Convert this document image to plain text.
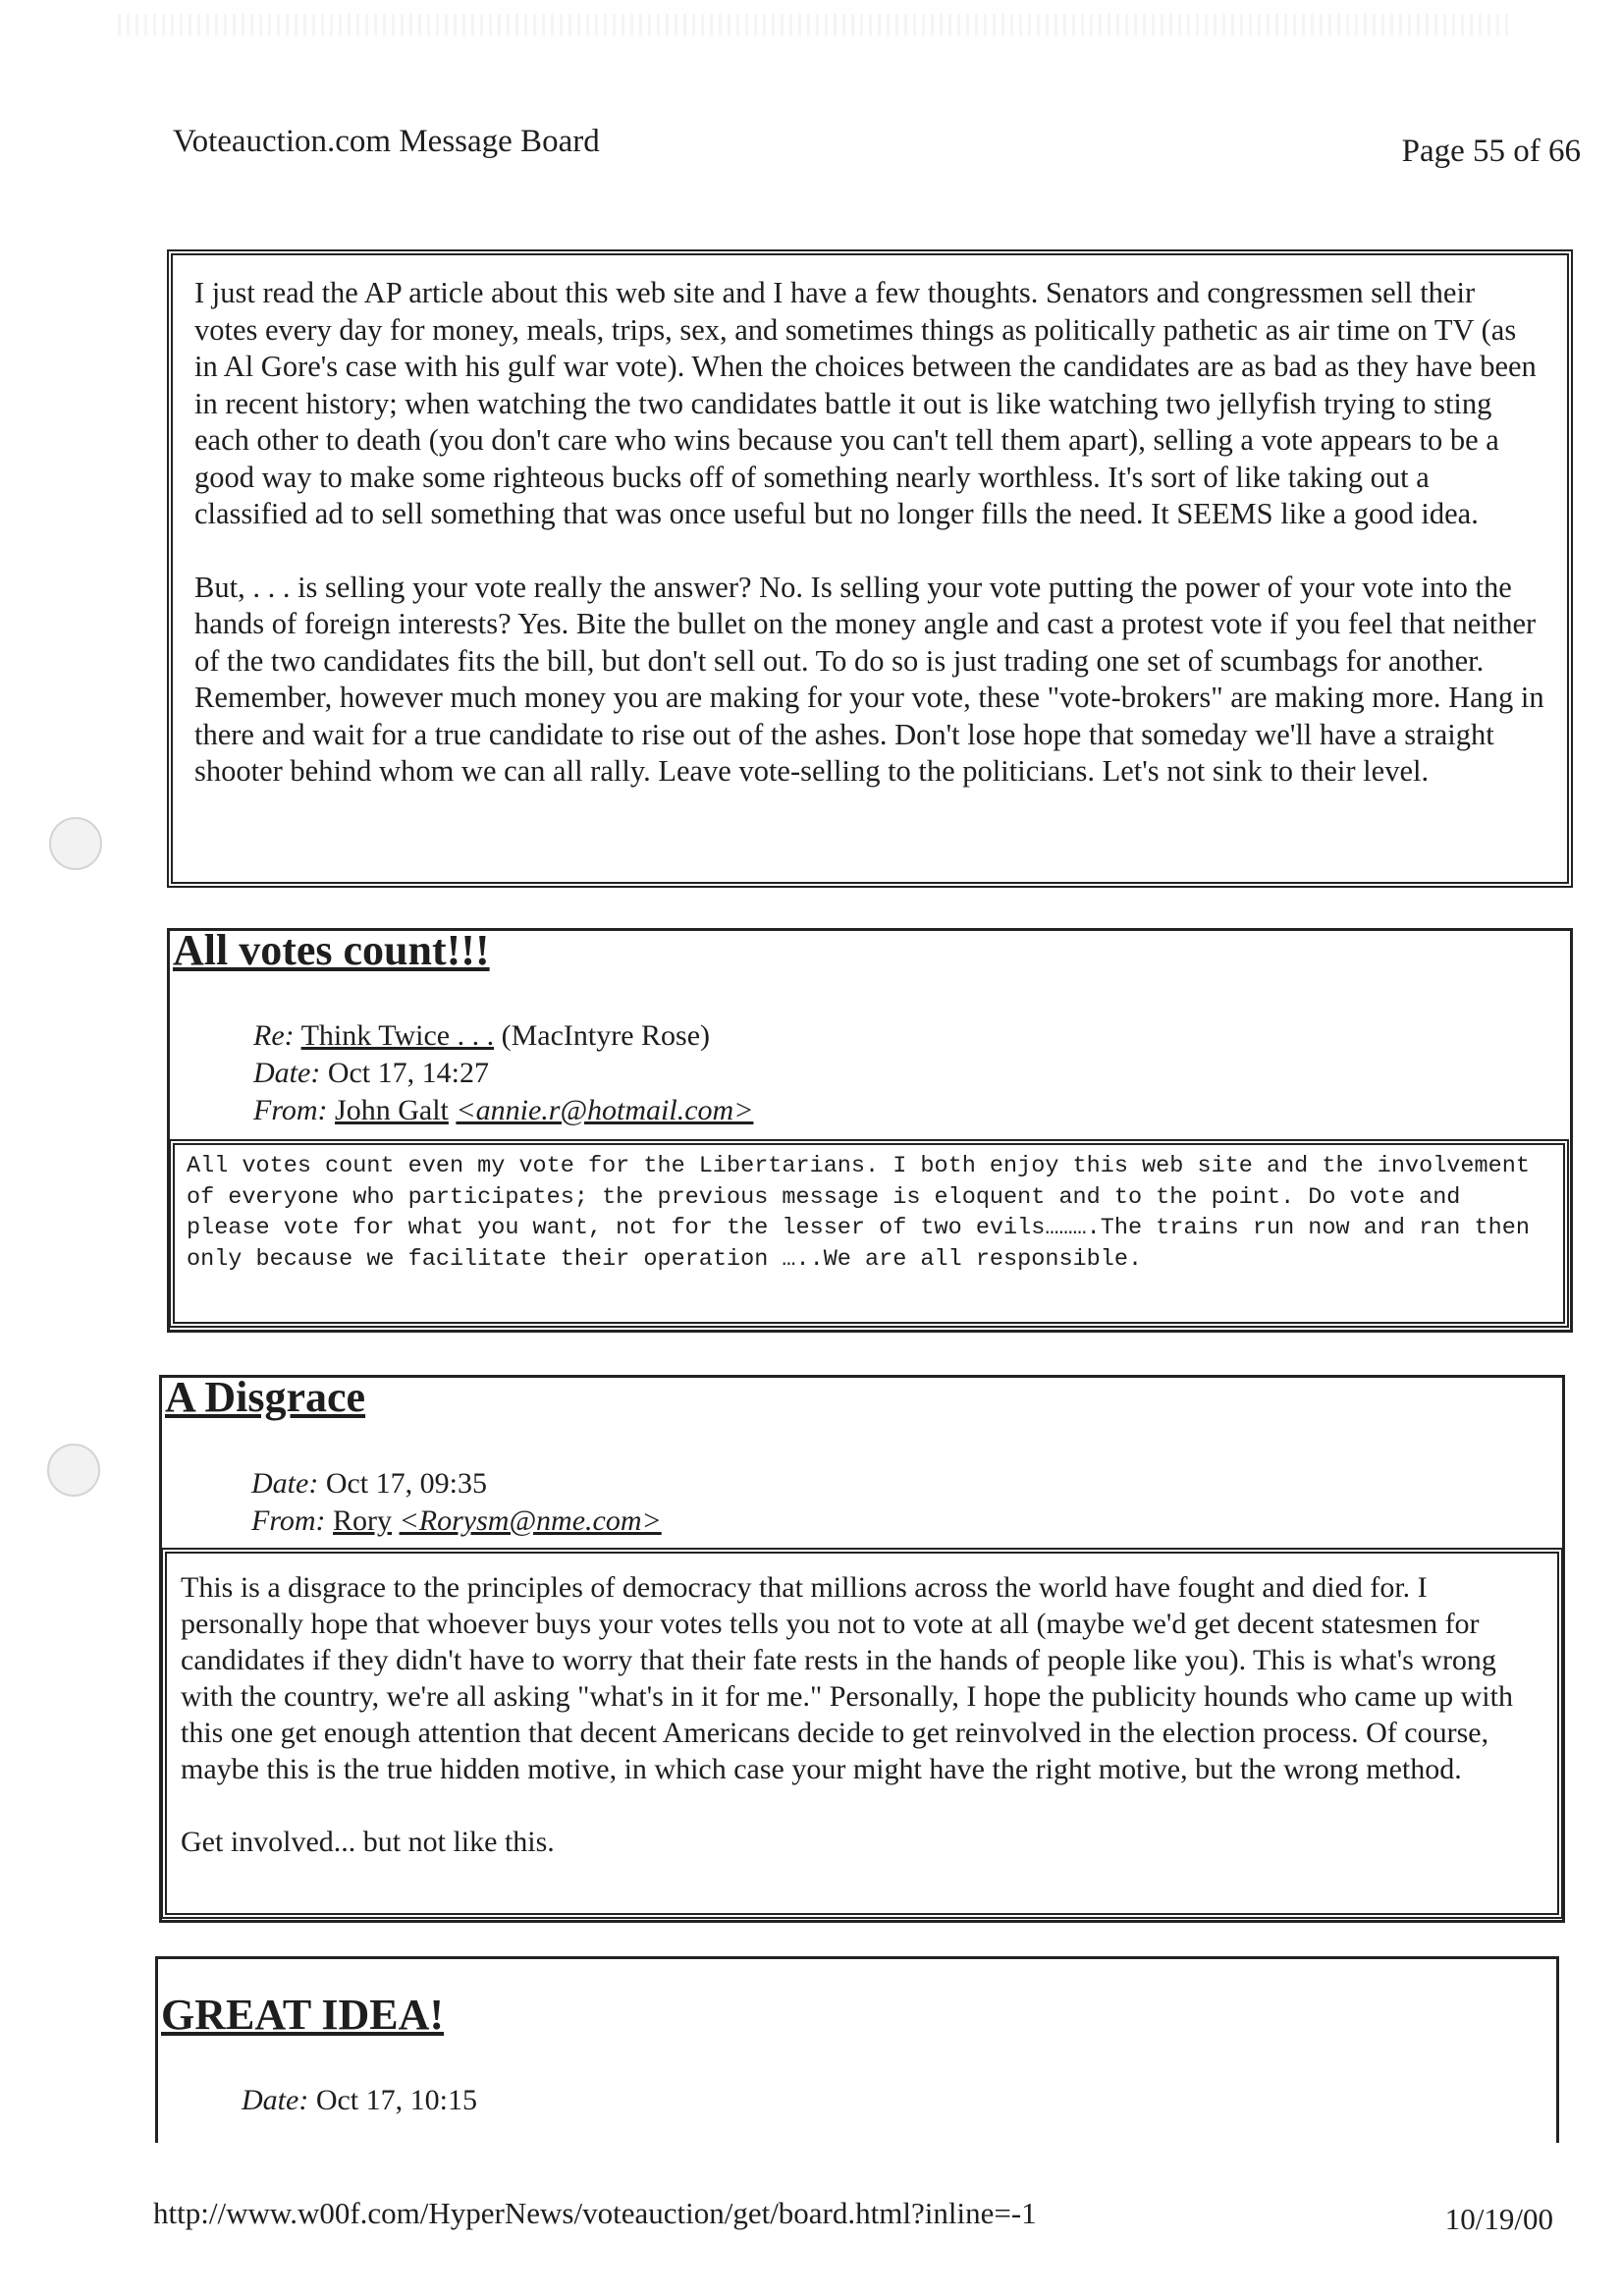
Voteauction.com Message Board	Page 55 of 66

I just read the AP article about this web site and I have a few thoughts. Senators and congressmen sell their votes every day for money, meals, trips, sex, and sometimes things as politically pathetic as air time on TV (as in Al Gore's case with his gulf war vote). When the choices between the candidates are as bad as they have been in recent history; when watching the two candidates battle it out is like watching two jellyfish trying to sting each other to death (you don't care who wins because you can't tell them apart), selling a vote appears to be a good way to make some righteous bucks off of something nearly worthless. It's sort of like taking out a classified ad to sell something that was once useful but no longer fills the need. It SEEMS like a good idea.

But, . . . is selling your vote really the answer? No. Is selling your vote putting the power of your vote into the hands of foreign interests? Yes. Bite the bullet on the money angle and cast a protest vote if you feel that neither of the two candidates fits the bill, but don't sell out. To do so is just trading one set of scumbags for another. Remember, however much money you are making for your vote, these "vote-brokers" are making more. Hang in there and wait for a true candidate to rise out of the ashes. Don't lose hope that someday we'll have a straight shooter behind whom we can all rally. Leave vote-selling to the politicians. Let's not sink to their level.

All votes count!!!
Re: Think Twice . . . (MacIntyre Rose)
Date: Oct 17, 14:27
From: John Galt <annie.r@hotmail.com>
All votes count even my vote for the Libertarians. I both enjoy this web site and the involvement of everyone who participates; the previous message is eloquent and to the point. Do vote and please vote for what you want, not for the lesser of two evils……….The trains run now and ran then only because we facilitate their operation …..We are all responsible.
A Disgrace
Date: Oct 17, 09:35
From: Rory <Rorysm@nme.com>

This is a disgrace to the principles of democracy that millions across the world have fought and died for. I personally hope that whoever buys your votes tells you not to vote at all (maybe we'd get decent statesmen for candidates if they didn't have to worry that their fate rests in the hands of people like you). This is what's wrong with the country, we're all asking "what's in it for me." Personally, I hope the publicity hounds who came up with this one get enough attention that decent Americans decide to get reinvolved in the election process. Of course, maybe this is the true hidden motive, in which case your might have the right motive, but the wrong method.

Get involved... but not like this.

GREAT IDEA!
Date: Oct 17, 10:15
http://www.w00f.com/HyperNews/voteauction/get/board.html?inline=-1	10/19/00
